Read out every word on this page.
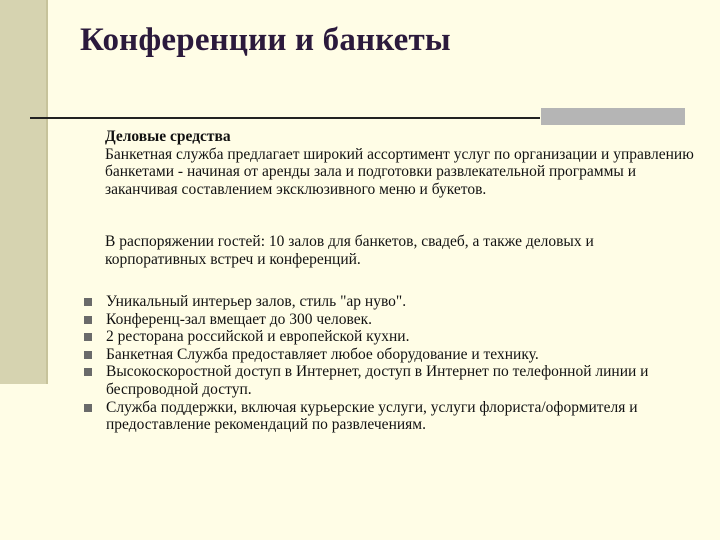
Конференции и банкеты
Деловые средства
Банкетная служба предлагает широкий ассортимент услуг по организации и управлению банкетами - начиная от аренды зала и подготовки развлекательной программы и заканчивая составлением эксклюзивного меню и букетов.
В распоряжении гостей: 10 залов для банкетов, свадеб, а также деловых и корпоративных встреч и конференций.
Уникальный интерьер залов, стиль "ар нуво".
Конференц-зал вмещает до 300 человек.
2 ресторана российской и европейской кухни.
Банкетная Служба предоставляет любое оборудование и технику.
Высокоскоростной доступ в Интернет, доступ в Интернет по телефонной линии и беспроводной доступ.
Служба поддержки, включая курьерские услуги, услуги флориста/оформителя и предоставление рекомендаций по развлечениям.
